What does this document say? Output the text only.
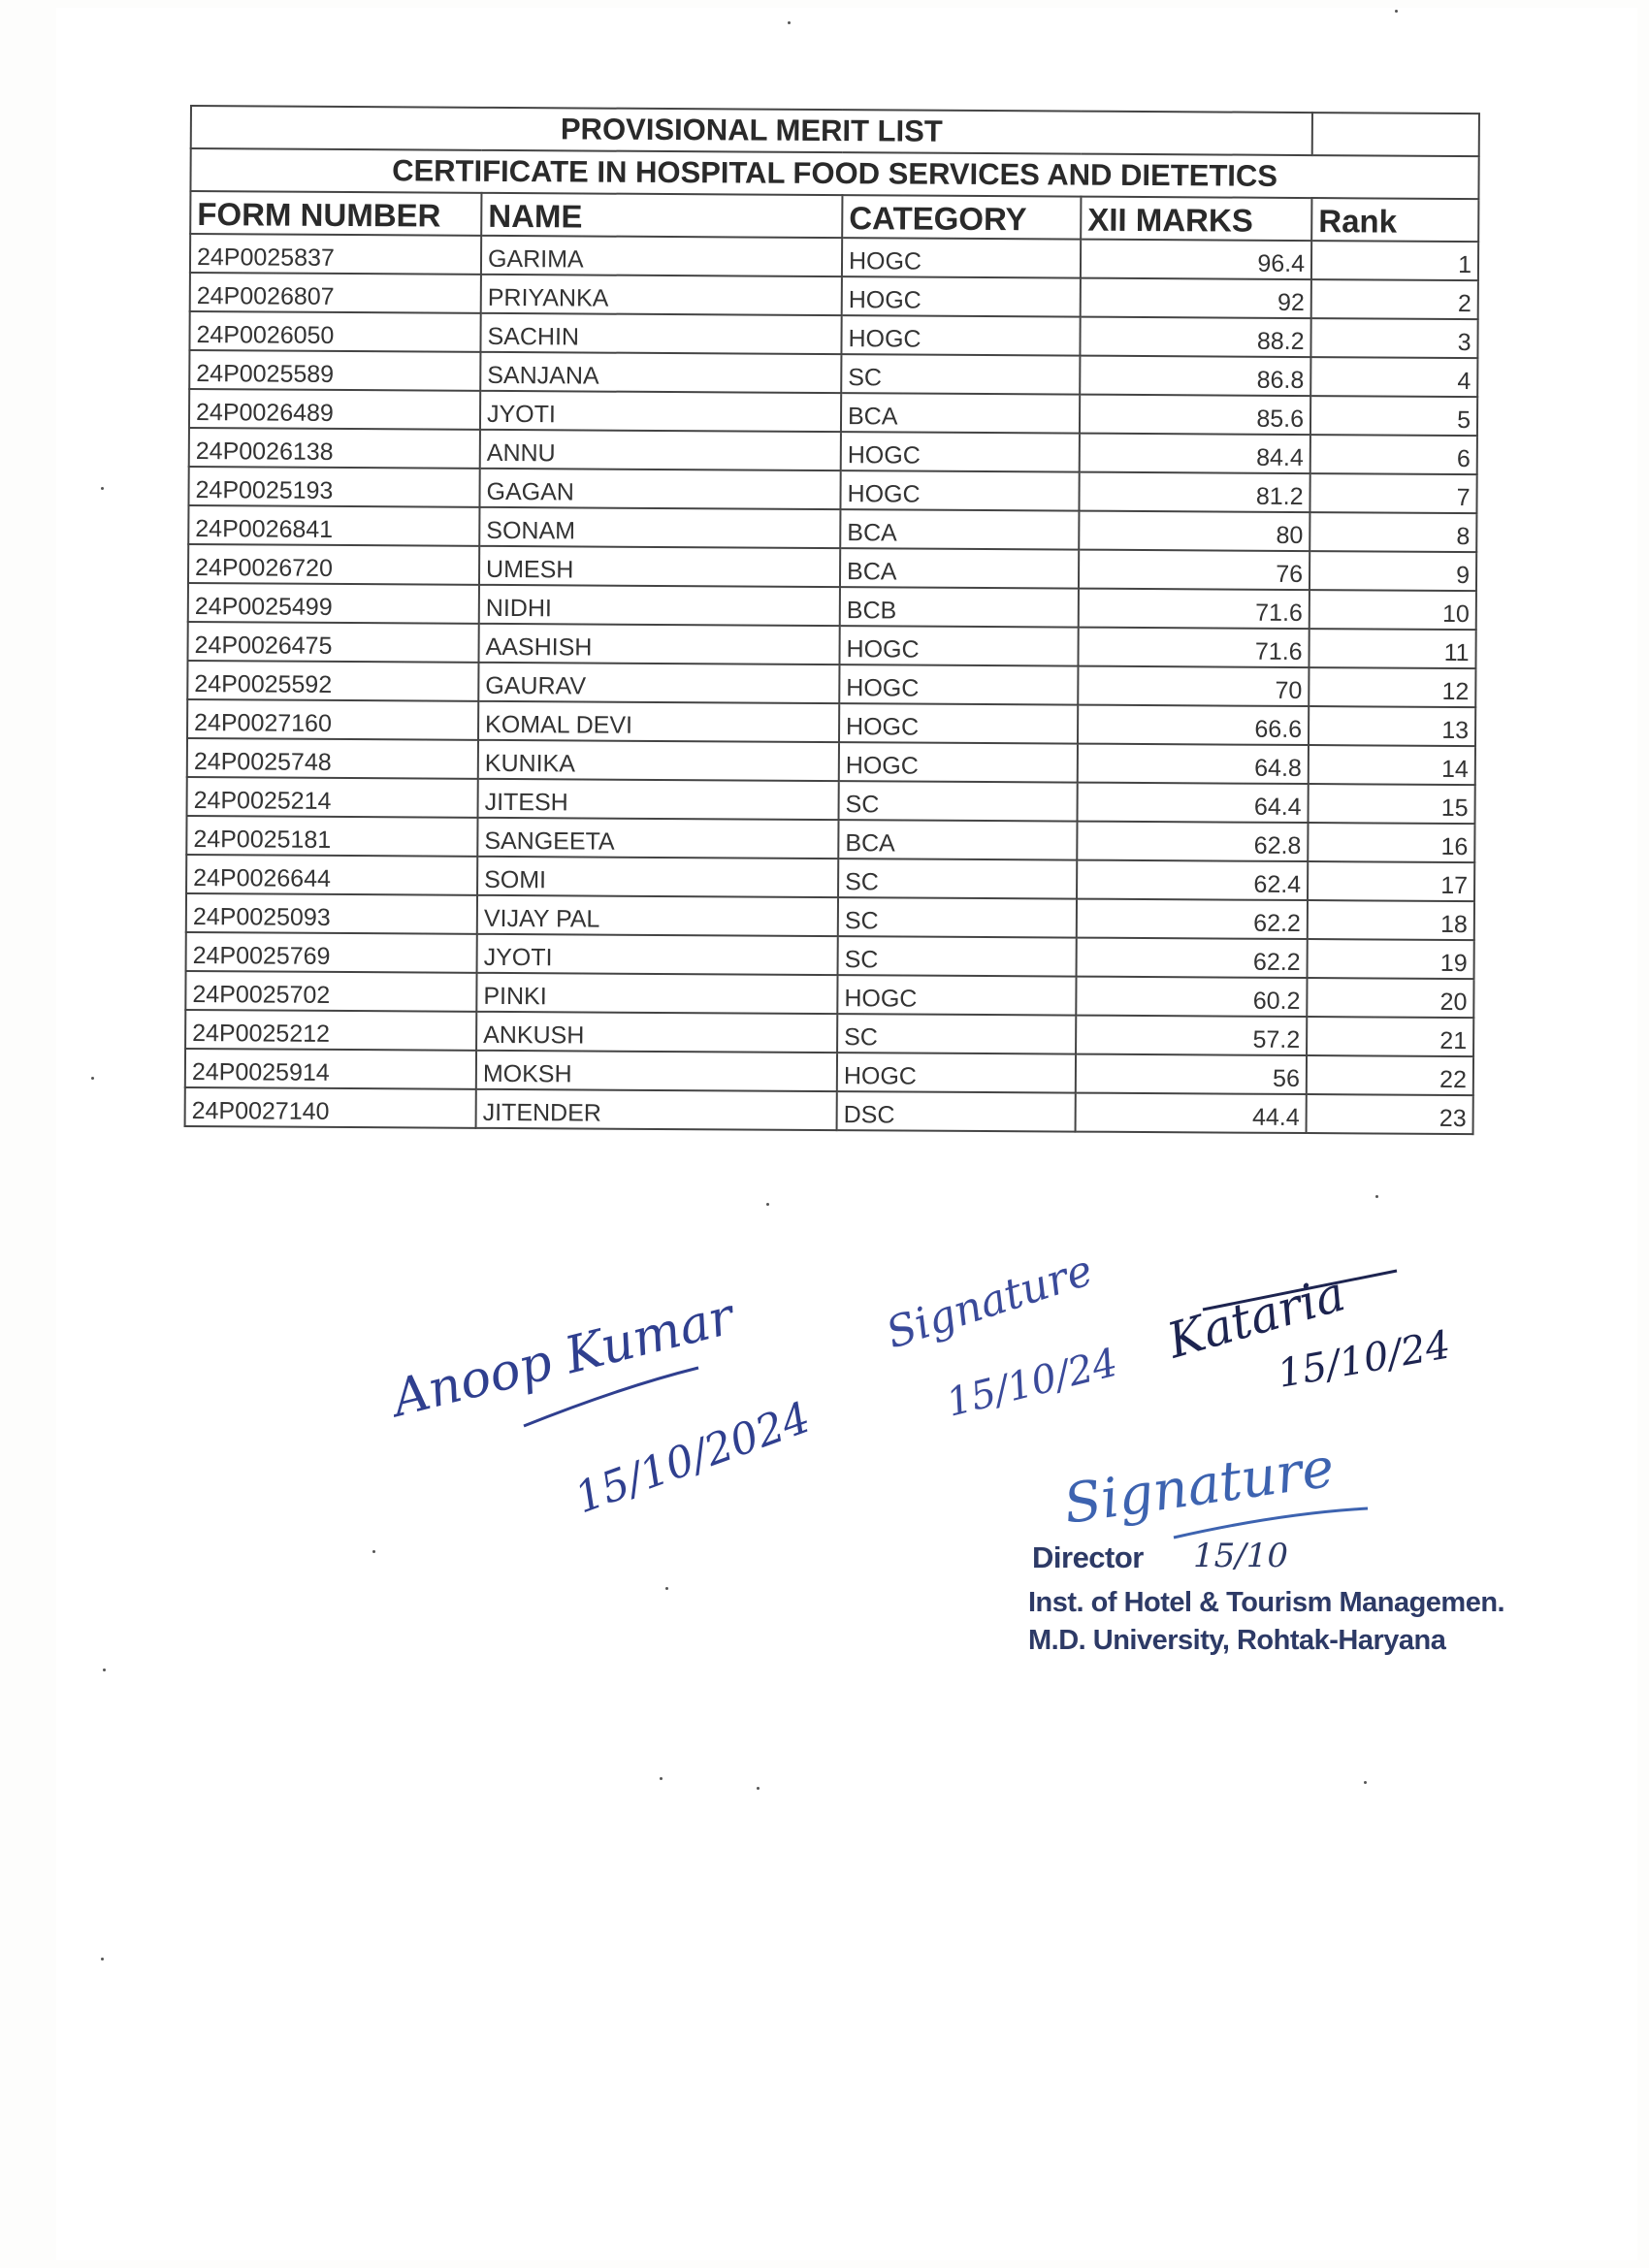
PROVISIONAL MERIT LIST				
CERTIFICATE IN HOSPITAL FOOD SERVICES AND DIETETICS				
FORM NUMBER	NAME	CATEGORY	XII MARKS	Rank
24P0025837	GARIMA	HOGC	96.4	1
24P0026807	PRIYANKA	HOGC	92	2
24P0026050	SACHIN	HOGC	88.2	3
24P0025589	SANJANA	SC	86.8	4
24P0026489	JYOTI	BCA	85.6	5
24P0026138	ANNU	HOGC	84.4	6
24P0025193	GAGAN	HOGC	81.2	7
24P0026841	SONAM	BCA	80	8
24P0026720	UMESH	BCA	76	9
24P0025499	NIDHI	BCB	71.6	10
24P0026475	AASHISH	HOGC	71.6	11
24P0025592	GAURAV	HOGC	70	12
24P0027160	KOMAL DEVI	HOGC	66.6	13
24P0025748	KUNIKA	HOGC	64.8	14
24P0025214	JITESH	SC	64.4	15
24P0025181	SANGEETA	BCA	62.8	16
24P0026644	SOMI	SC	62.4	17
24P0025093	VIJAY PAL	SC	62.2	18
24P0025769	JYOTI	SC	62.2	19
24P0025702	PINKI	HOGC	60.2	20
24P0025212	ANKUSH	SC	57.2	21
24P0025914	MOKSH	HOGC	56	22
24P0027140	JITENDER	DSC	44.4	23
Anoop Kumar
15/10/2024
Signature
15/10/24
Kataria
15/10/24
Signature
15/10
Director
Inst. of Hotel & Tourism Managemen.
M.D. University, Rohtak-Haryana
